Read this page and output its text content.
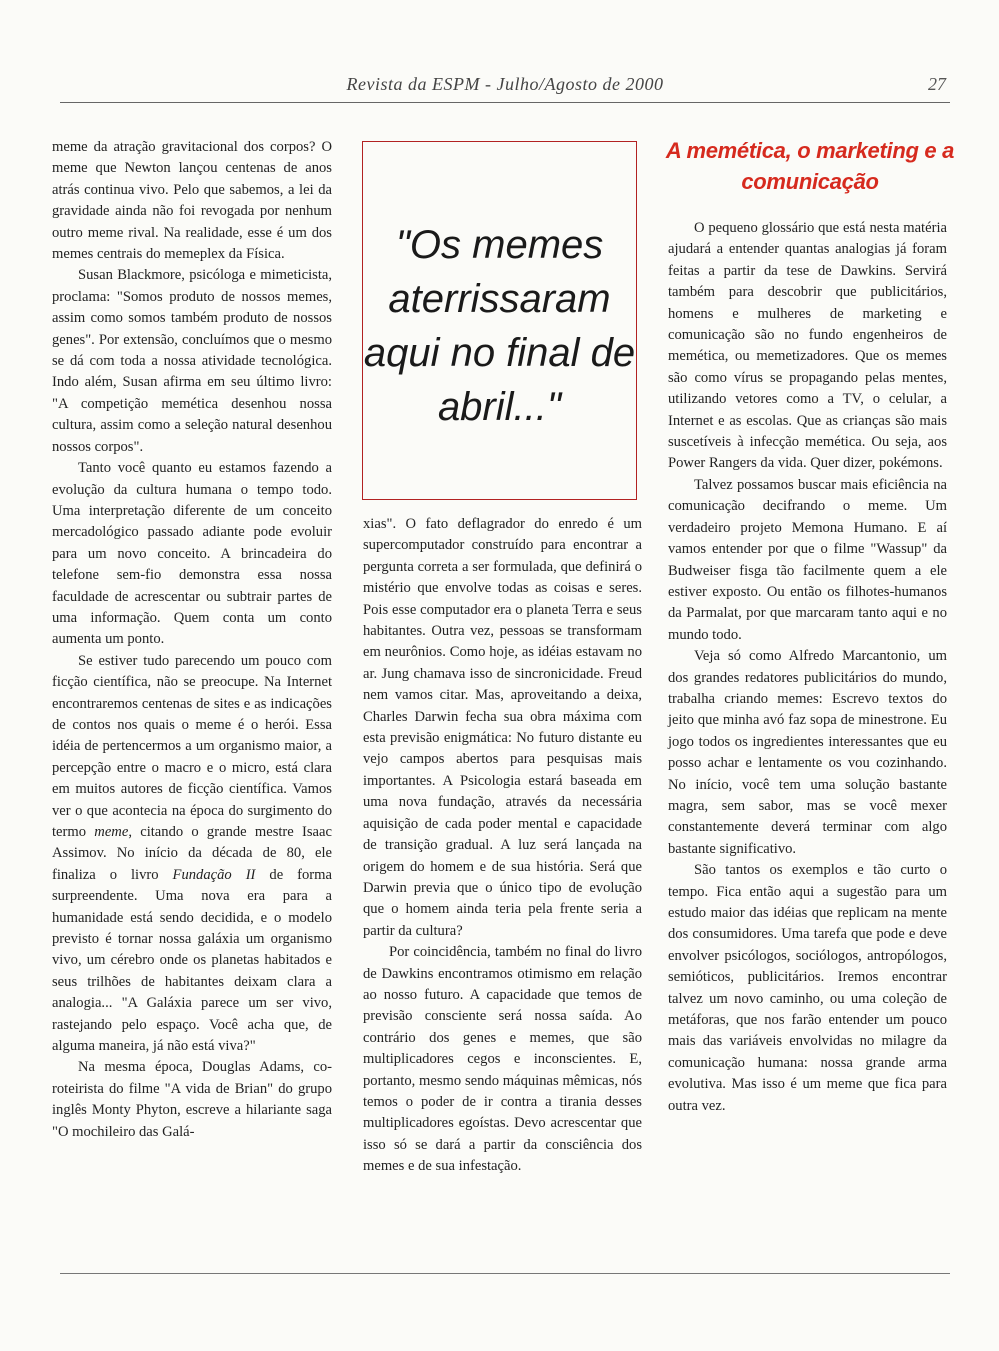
Revista da ESPM - Julho/Agosto de 2000	27

meme da atração gravitacional dos corpos? O meme que Newton lançou centenas de anos atrás continua vivo. Pelo que sabemos, a lei da gravidade ainda não foi revogada por nenhum outro meme rival. Na realidade, esse é um dos memes centrais do memeplex da Física.

Susan Blackmore, psicóloga e mimeticista, proclama: "Somos produto de nossos memes, assim como somos também produto de nossos genes". Por extensão, concluímos que o mesmo se dá com toda a nossa atividade tecnológica. Indo além, Susan afirma em seu último livro: "A competição memética desenhou nossa cultura, assim como a seleção natural desenhou nossos corpos".

Tanto você quanto eu estamos fazendo a evolução da cultura humana o tempo todo. Uma interpretação diferente de um conceito mercadológico passado adiante pode evoluir para um novo conceito. A brincadeira do telefone sem-fio demonstra essa nossa faculdade de acrescentar ou subtrair partes de uma informação. Quem conta um conto aumenta um ponto.

Se estiver tudo parecendo um pouco com ficção científica, não se preocupe. Na Internet encontraremos centenas de sites e as indicações de contos nos quais o meme é o herói. Essa idéia de pertencermos a um organismo maior, a percepção entre o macro e o micro, está clara em muitos autores de ficção científica. Vamos ver o que acontecia na época do surgimento do termo meme, citando o grande mestre Isaac Assimov. No início da década de 80, ele finaliza o livro Fundação II de forma surpreendente. Uma nova era para a humanidade está sendo decidida, e o modelo previsto é tornar nossa galáxia um organismo vivo, um cérebro onde os planetas habitados e seus trilhões de habitantes deixam clara a analogia... "A Galáxia parece um ser vivo, rastejando pelo espaço. Você acha que, de alguma maneira, já não está viva?"

Na mesma época, Douglas Adams, co-roteirista do filme "A vida de Brian" do grupo inglês Monty Phyton, escreve a hilariante saga "O mochileiro das Galá-

"Os memes aterrissaram aqui no final de abril..."

xias". O fato deflagrador do enredo é um supercomputador construído para encontrar a pergunta correta a ser formulada, que definirá o mistério que envolve todas as coisas e seres. Pois esse computador era o planeta Terra e seus habitantes. Outra vez, pessoas se transformam em neurônios. Como hoje, as idéias estavam no ar. Jung chamava isso de sincronicidade. Freud nem vamos citar. Mas, aproveitando a deixa, Charles Darwin fecha sua obra máxima com esta previsão enigmática: No futuro distante eu vejo campos abertos para pesquisas mais importantes. A Psicologia estará baseada em uma nova fundação, através da necessária aquisição de cada poder mental e capacidade de transição gradual. A luz será lançada na origem do homem e de sua história. Será que Darwin previa que o único tipo de evolução que o homem ainda teria pela frente seria a partir da cultura?

Por coincidência, também no final do livro de Dawkins encontramos otimismo em relação ao nosso futuro. A capacidade que temos de previsão consciente será nossa saída. Ao contrário dos genes e memes, que são multiplicadores cegos e inconscientes. E, portanto, mesmo sendo máquinas mêmicas, nós temos o poder de ir contra a tirania desses multiplicadores egoístas. Devo acrescentar que isso só se dará a partir da consciência dos memes e de sua infestação.

A memética, o marketing e a comunicação

O pequeno glossário que está nesta matéria ajudará a entender quantas analogias já foram feitas a partir da tese de Dawkins. Servirá também para descobrir que publicitários, homens e mulheres de marketing e comunicação são no fundo engenheiros de memética, ou memetizadores. Que os memes são como vírus se propagando pelas mentes, utilizando vetores como a TV, o celular, a Internet e as escolas. Que as crianças são mais suscetíveis à infecção memética. Ou seja, aos Power Rangers da vida. Quer dizer, pokémons.

Talvez possamos buscar mais eficiência na comunicação decifrando o meme. Um verdadeiro projeto Memona Humano. E aí vamos entender por que o filme "Wassup" da Budweiser fisga tão facilmente quem a ele estiver exposto. Ou então os filhotes-humanos da Parmalat, por que marcaram tanto aqui e no mundo todo.

Veja só como Alfredo Marcantonio, um dos grandes redatores publicitários do mundo, trabalha criando memes: Escrevo textos do jeito que minha avó faz sopa de minestrone. Eu jogo todos os ingredientes interessantes que eu posso achar e lentamente os vou cozinhando. No início, você tem uma solução bastante magra, sem sabor, mas se você mexer constantemente deverá terminar com algo bastante significativo.

São tantos os exemplos e tão curto o tempo. Fica então aqui a sugestão para um estudo maior das idéias que replicam na mente dos consumidores. Uma tarefa que pode e deve envolver psicólogos, sociólogos, antropólogos, semióticos, publicitários. Iremos encontrar talvez um novo caminho, ou uma coleção de metáforas, que nos farão entender um pouco mais das variáveis envolvidas no milagre da comunicação humana: nossa grande arma evolutiva. Mas isso é um meme que fica para outra vez.
